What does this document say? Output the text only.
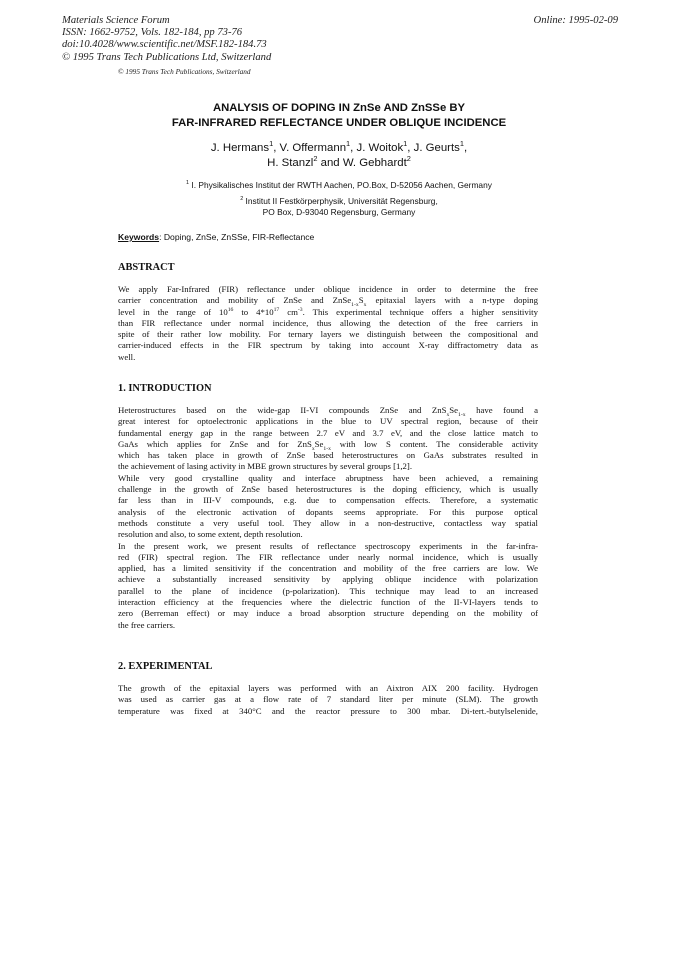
Materials Science Forum
ISSN: 1662-9752, Vols. 182-184, pp 73-76
doi:10.4028/www.scientific.net/MSF.182-184.73
© 1995 Trans Tech Publications Ltd, Switzerland
Online: 1995-02-09
© 1995 Trans Tech Publications, Switzerland
ANALYSIS OF DOPING IN ZnSe AND ZnSSe BY
FAR-INFRARED REFLECTANCE UNDER OBLIQUE INCIDENCE
J. Hermans$^1$, V. Offermann$^1$, J. Woitok$^1$, J. Geurts$^1$,
H. Stanzl$^2$ and W. Gebhardt$^2$
$^1$ I. Physikalisches Institut der RWTH Aachen, PO.Box, D-52056 Aachen, Germany
$^2$ Institut II Festkörperphysik, Universität Regensburg,
PO Box, D-93040 Regensburg, Germany
Keywords: Doping, ZnSe, ZnSSe, FIR-Reflectance
ABSTRACT
We apply Far-Infrared (FIR) reflectance under oblique incidence in order to determine the free
carrier concentration and mobility of ZnSe and $ZnSe_{1-x}S_x$ epitaxial layers with a n-type doping
level in the range of $10^{16}$ to $4*10^{17}$ $cm^{-3}$. This experimental technique offers a higher sensitivity
than FIR reflectance under normal incidence, thus allowing the detection of the free carriers in
spite of their rather low mobility. For ternary layers we distinguish between the compositional and
carrier-induced effects in the FIR spectrum by taking into account X-ray diffractometry data as
well.
1. INTRODUCTION
Heterostructures based on the wide-gap II-VI compounds ZnSe and $ZnS_xSe_{1-x}$ have found a
great interest for optoelectronic applications in the blue to UV spectral region, because of their
fundamental energy gap in the range between 2.7 eV and 3.7 eV, and the close lattice match to
GaAs which applies for ZnSe and for $ZnS_xSe_{1-x}$ with low S content. The considerable activity
which has taken place in growth of ZnSe based heterostructures on GaAs substrates resulted in
the achievement of lasing activity in MBE grown structures by several groups [1,2].
While very good crystalline quality and interface abruptness have been achieved, a remaining
challenge in the growth of ZnSe based heterostructures is the doping efficiency, which is usually
far less than in III-V compounds, e.g. due to compensation effects. Therefore, a systematic
analysis of the electronic activation of dopants seems appropriate. For this purpose optical
methods constitute a very useful tool. They allow in a non-destructive, contactless way spatial
resolution and also, to some extent, depth resolution.
In the present work, we present results of reflectance spectroscopy experiments in the far-infra-
red (FIR) spectral region. The FIR reflectance under nearly normal incidence, which is usually
applied, has a limited sensitivity if the concentration and mobility of the free carriers are low. We
achieve a substantially increased sensitivity by applying oblique incidence with polarization
parallel to the plane of incidence (p-polarization). This technique may lead to an increased
interaction efficiency at the frequencies where the dielectric function of the II-VI-layers tends to
zero (Berreman effect) or may induce a broad absorption structure depending on the mobility of
the free carriers.
2. EXPERIMENTAL
The growth of the epitaxial layers was performed with an Aixtron AIX 200 facility. Hydrogen
was used as carrier gas at a flow rate of 7 standard liter per minute (SLM). The growth
temperature was fixed at 340°C and the reactor pressure to 300 mbar. Di-tert.-butylselenide,
